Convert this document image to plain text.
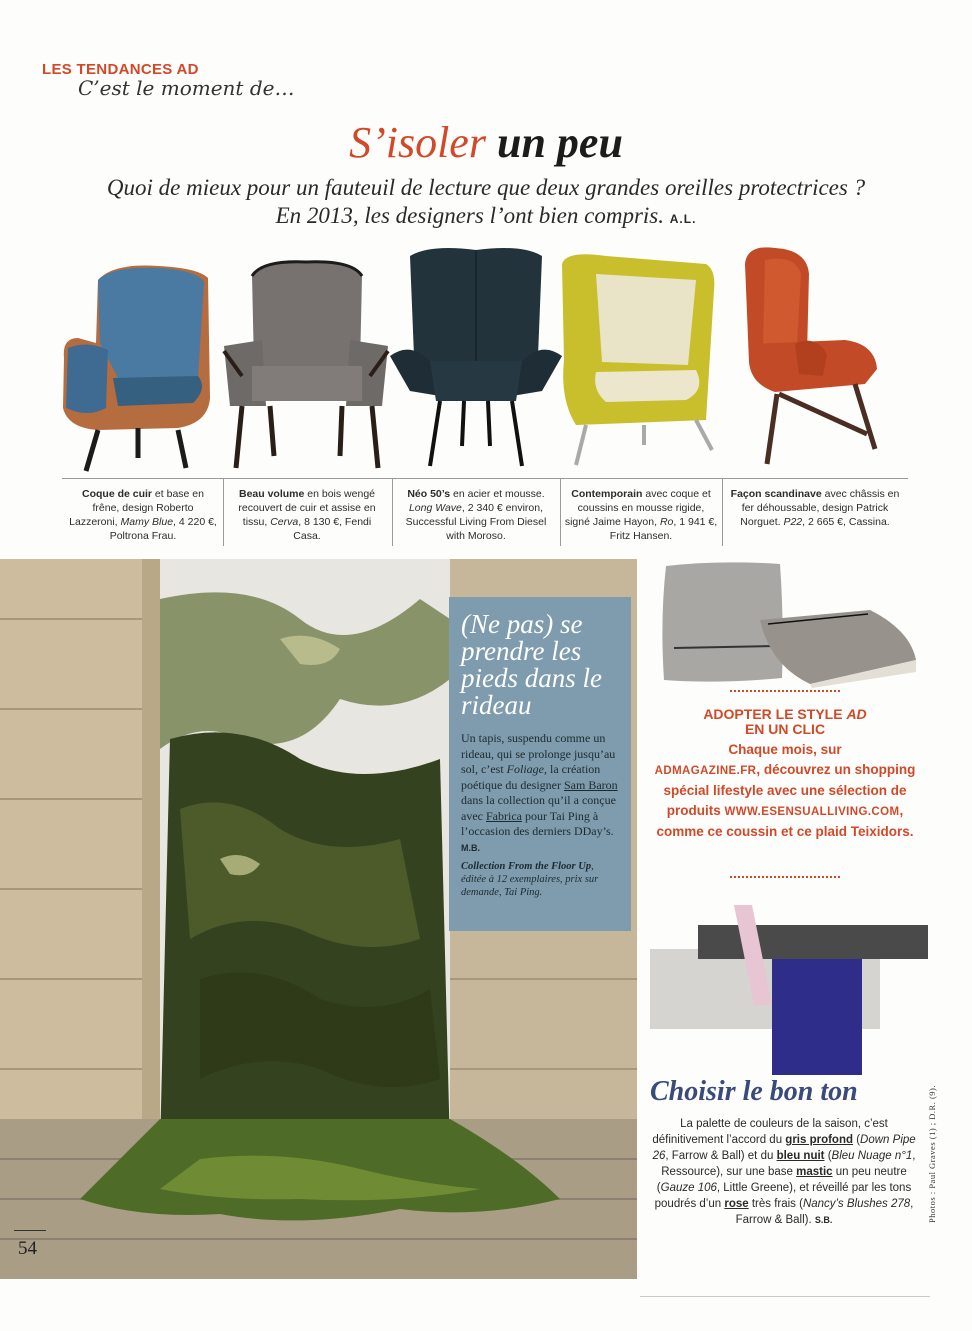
LES TENDANCES AD
C’est le moment de…
S’isoler un peu
Quoi de mieux pour un fauteuil de lecture que deux grandes oreilles protectrices ?
En 2013, les designers l’ont bien compris. A.L.
Coque de cuir et base en frêne, design Roberto Lazzeroni, Mamy Blue, 4 220 €, Poltrona Frau.
Beau volume en bois wengé recouvert de cuir et assise en tissu, Cerva, 8 130 €, Fendi Casa.
Néo 50’s en acier et mousse. Long Wave, 2 340 € environ, Successful Living From Diesel with Moroso.
Contemporain avec coque et coussins en mousse rigide, signé Jaime Hayon, Ro, 1 941 €, Fritz Hansen.
Façon scandinave avec châssis en fer déhoussable, design Patrick Norguet. P22, 2 665 €, Cassina.
(Ne pas) se prendre les pieds dans le rideau
Un tapis, suspendu comme un rideau, qui se prolonge jusqu’au sol, c’est Foliage, la création poétique du designer Sam Baron dans la collection qu’il a conçue avec Fabrica pour Tai Ping à l’occasion des derniers DDay’s. M.B.
Collection From the Floor Up, éditée à 12 exemplaires, prix sur demande, Tai Ping.
ADOPTER LE STYLE AD
EN UN CLIC
Chaque mois, sur
ADMAGAZINE.FR, découvrez un shopping spécial lifestyle avec une sélection de produits WWW.ESENSUALLIVING.COM, comme ce coussin et ce plaid Teixidors.
Choisir le bon ton
La palette de couleurs de la saison, c’est définitivement l’accord du gris profond (Down Pipe 26, Farrow & Ball) et du bleu nuit (Bleu Nuage n°1, Ressource), sur une base mastic un peu neutre (Gauze 106, Little Greene), et réveillé par les tons poudrés d’un rose très frais (Nancy’s Blushes 278, Farrow & Ball). S.B.
54
Photos : Paul Graves (1) ; D.R. (9).
